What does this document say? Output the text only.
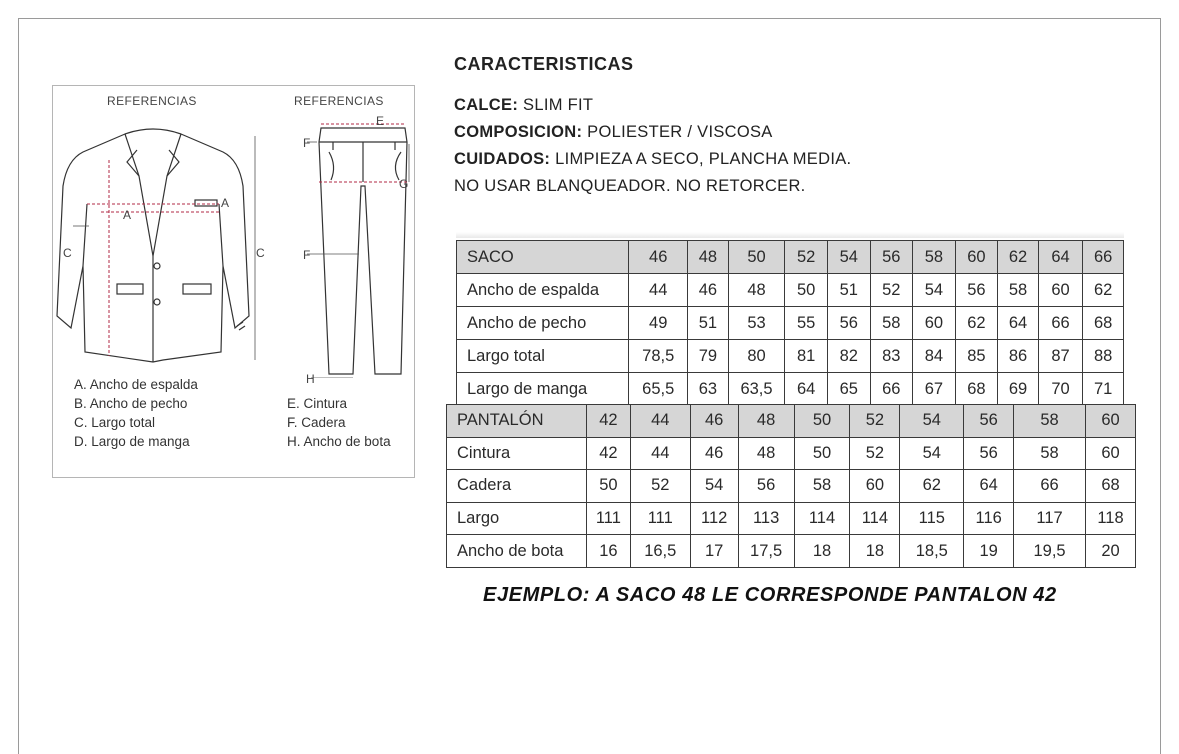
REFERENCIAS	REFERENCIAS
C	C
A
A
E
F
G
F
H
A. Ancho de espalda
B. Ancho de pecho
C. Largo total
D. Largo de manga
E. Cintura
F. Cadera
H. Ancho de bota
CARACTERISTICAS
CALCE: SLIM FIT
COMPOSICION: POLIESTER / VISCOSA
CUIDADOS: LIMPIEZA A SECO, PLANCHA MEDIA.
NO USAR BLANQUEADOR. NO RETORCER.
SACO	46	48	50	52	54	56	58	60	62	64	66
Ancho de espalda	44	46	48	50	51	52	54	56	58	60	62
Ancho de pecho	49	51	53	55	56	58	60	62	64	66	68
Largo total	78,5	79	80	81	82	83	84	85	86	87	88
Largo de manga	65,5	63	63,5	64	65	66	67	68	69	70	71
PANTALÓN	42	44	46	48	50	52	54	56	58	60
Cintura	42	44	46	48	50	52	54	56	58	60
Cadera	50	52	54	56	58	60	62	64	66	68
Largo	111	111	112	113	114	114	115	116	117	118
Ancho de bota	16	16,5	17	17,5	18	18	18,5	19	19,5	20
EJEMPLO: A SACO 48 LE CORRESPONDE PANTALON 42
